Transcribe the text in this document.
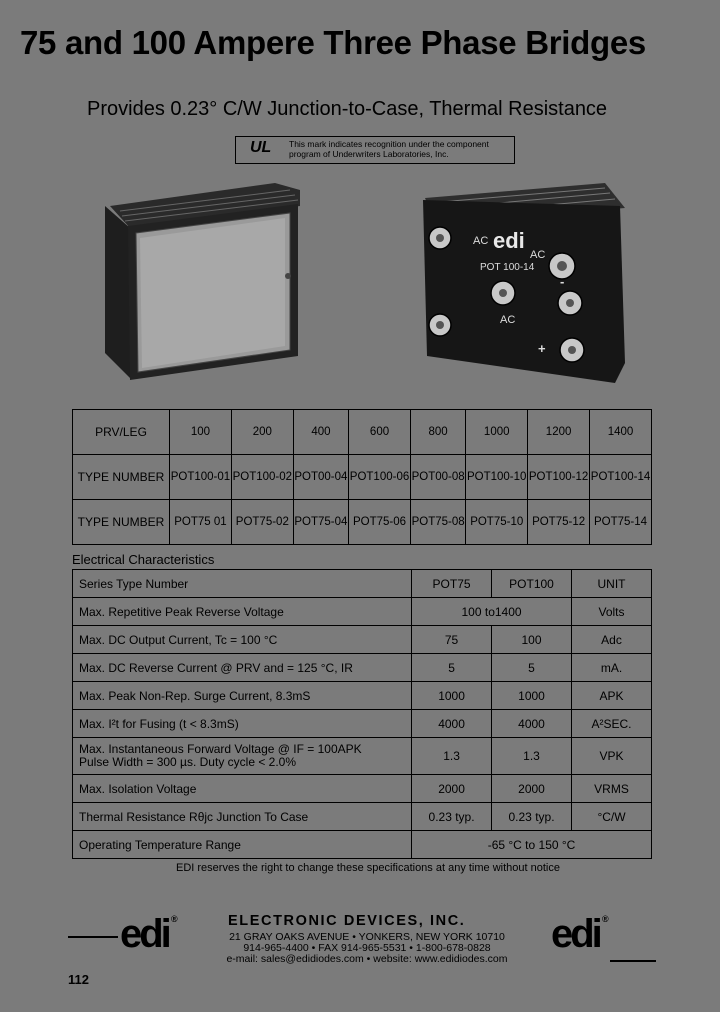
75 and 100 Ampere Three Phase Bridges
Provides 0.23° C/W Junction-to-Case, Thermal Resistance
UL This mark indicates recognition under the component program of Underwriters Laboratories, Inc.
AC edi
AC
POT 100-14
AC
+
-
PRV/LEG	100	200	400	600	800	1000	1200	1400
TYPE NUMBER	POT100-01	POT100-02	POT00-04	POT100-06	POT00-08	POT100-10	POT100-12	POT100-14
TYPE NUMBER	POT75 01	POT75-02	POT75-04	POT75-06	POT75-08	POT75-10	POT75-12	POT75-14
Electrical Characteristics
Series Type Number	POT75	POT100	UNIT
Max. Repetitive Peak Reverse Voltage	100 to1400		Volts
Max. DC Output Current, Tc = 100 °C	75	100	Adc
Max. DC Reverse Current @ PRV and = 125 °C, IR	5	5	mA.
Max. Peak Non-Rep. Surge Current, 8.3mS	1000	1000	APK
Max. I²t for Fusing (t < 8.3mS)	4000	4000	A²SEC.

Max. Instantaneous Forward Voltage @ IF = 100APK
Pulse Width = 300 µs. Duty cycle < 2.0%	1.3	1.3	VPK
Max. Isolation Voltage	2000	2000	VRMS
Thermal Resistance Rθjc Junction To Case	0.23 typ.	0.23 typ.	°C/W
Operating Temperature Range	-65 °C to 150 °C		
EDI reserves the right to change these specifications at any time without notice
edi ®	ELECTRONIC DEVICES, INC.
21 GRAY OAKS AVENUE • YONKERS, NEW YORK 10710
914-965-4400 • FAX 914-965-5531 • 1-800-678-0828
e-mail: sales@edidiodes.com • website: www.edidiodes.com
edi ®
112
